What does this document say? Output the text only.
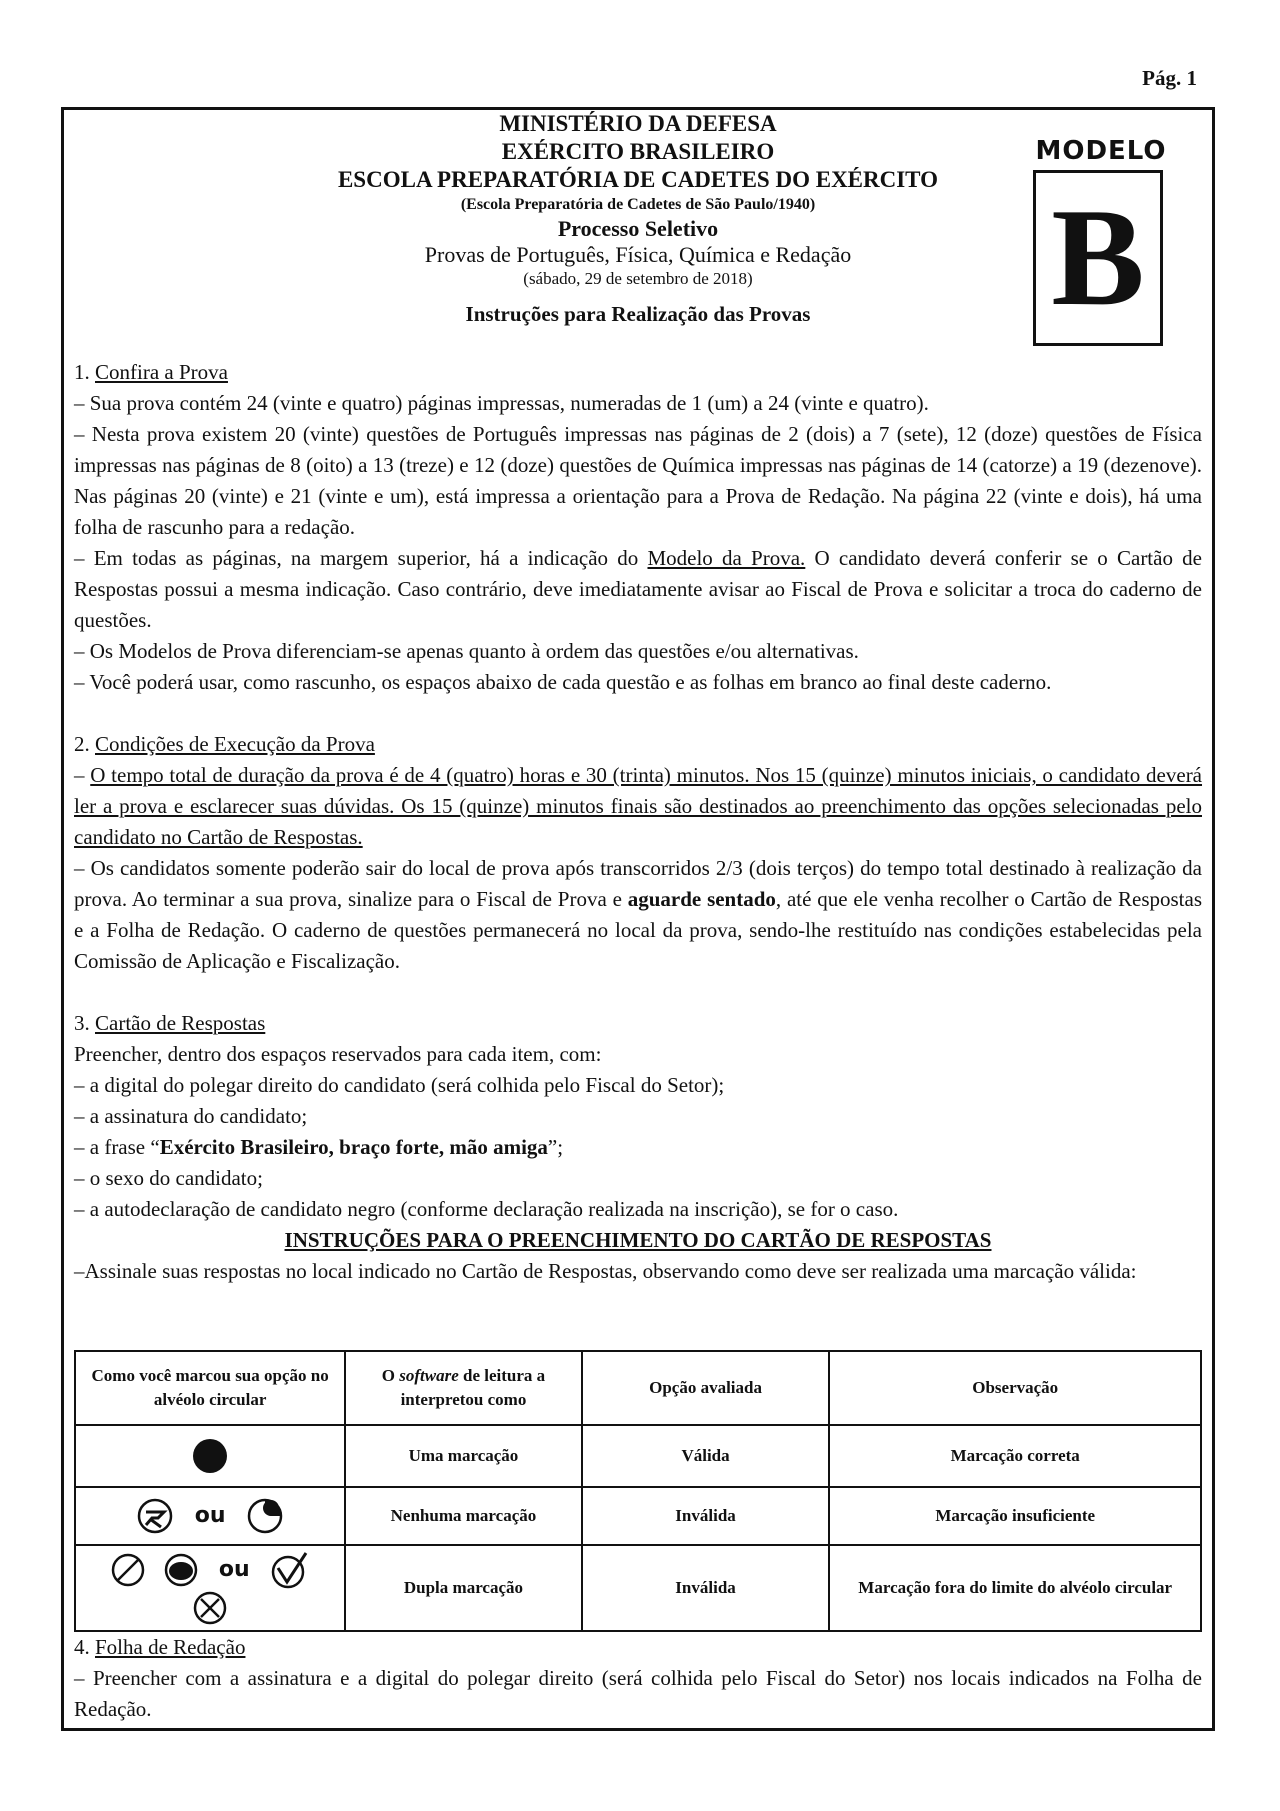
Pág. 1
MINISTÉRIO DA DEFESA
EXÉRCITO BRASILEIRO
ESCOLA PREPARATÓRIA DE CADETES DO EXÉRCITO
(Escola Preparatória de Cadetes de São Paulo/1940)
Processo Seletivo
Provas de Português, Física, Química e Redação
(sábado, 29 de setembro de 2018)
Instruções para Realização das Provas
MODELO
B
1. Confira a Prova
– Sua prova contém 24 (vinte e quatro) páginas impressas, numeradas de 1 (um) a 24 (vinte e quatro).
– Nesta prova existem 20 (vinte) questões de Português impressas nas páginas de 2 (dois) a 7 (sete), 12 (doze) questões de Física impressas nas páginas de 8 (oito) a 13 (treze) e 12 (doze) questões de Química impressas nas páginas de 14 (catorze) a 19 (dezenove). Nas páginas 20 (vinte) e 21 (vinte e um), está impressa a orientação para a Prova de Redação. Na página 22 (vinte e dois), há uma folha de rascunho para a redação.
– Em todas as páginas, na margem superior, há a indicação do Modelo da Prova. O candidato deverá conferir se o Cartão de Respostas possui a mesma indicação. Caso contrário, deve imediatamente avisar ao Fiscal de Prova e solicitar a troca do caderno de questões.
– Os Modelos de Prova diferenciam-se apenas quanto à ordem das questões e/ou alternativas.
– Você poderá usar, como rascunho, os espaços abaixo de cada questão e as folhas em branco ao final deste caderno.
2. Condições de Execução da Prova
– O tempo total de duração da prova é de 4 (quatro) horas e 30 (trinta) minutos. Nos 15 (quinze) minutos iniciais, o candidato deverá ler a prova e esclarecer suas dúvidas. Os 15 (quinze) minutos finais são destinados ao preenchimento das opções selecionadas pelo candidato no Cartão de Respostas.
– Os candidatos somente poderão sair do local de prova após transcorridos 2/3 (dois terços) do tempo total destinado à realização da prova. Ao terminar a sua prova, sinalize para o Fiscal de Prova e aguarde sentado, até que ele venha recolher o Cartão de Respostas e a Folha de Redação. O caderno de questões permanecerá no local da prova, sendo-lhe restituído nas condições estabelecidas pela Comissão de Aplicação e Fiscalização.
3. Cartão de Respostas
Preencher, dentro dos espaços reservados para cada item, com:
– a digital do polegar direito do candidato (será colhida pelo Fiscal do Setor);
– a assinatura do candidato;
– a frase “Exército Brasileiro, braço forte, mão amiga”;
– o sexo do candidato;
– a autodeclaração de candidato negro (conforme declaração realizada na inscrição), se for o caso.
INSTRUÇÕES PARA O PREENCHIMENTO DO CARTÃO DE RESPOSTAS
–Assinale suas respostas no local indicado no Cartão de Respostas, observando como deve ser realizada uma marcação válida:
Como você marcou sua opção no alvéolo circular	O software de leitura a interpretou como	Opção avaliada	Observação
	Uma marcação	Válida	Marcação correta
ou	Nenhuma marcação	Inválida	Marcação insuficiente
ou	Dupla marcação	Inválida	Marcação fora do limite do alvéolo circular
4. Folha de Redação
– Preencher com a assinatura e a digital do polegar direito (será colhida pelo Fiscal do Setor) nos locais indicados na Folha de Redação.
